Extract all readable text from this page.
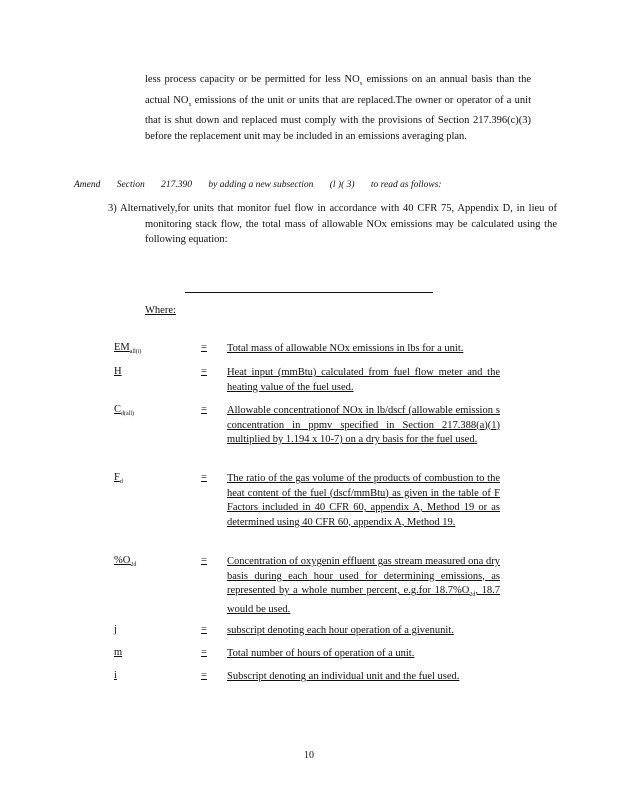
less process capacity or be permitted for less $NO_x$ emissions on an annual basis than the actual $NO_x$ emissions of the unit or units that are replaced.The owner or operator of a unit that is shut down and replaced must comply with the provisions of Section 217.396(c)(3) before the replacement unit may be included in an emissions averaging plan.
Amend Section 217.390 by adding a new subsection (l )( 3) to read as follows:
3) Alternatively,for units that monitor fuel flow in accordance with 40 CFR 75, Appendix D, in lieu of monitoring stack flow, the total mass of allowable NOx emissions may be calculated using the following equation:
Where:
$EM_{all(i)}$	= Total mass of allowable NOx emissions in lbs for a unit.
H	= Heat input (mmBtu) calculated from fuel flow meter and the heating value of the fuel used.
$C_{d(all)}$	= Allowable concentrationof NOx in lb/dscf (allowable emission s concentration in ppmv specified in Section 217.388(a)(1) multiplied by 1.194 x 10-7) on a dry basis for the fuel used.
$F_d$	= The ratio of the gas volume of the products of combustion to the heat content of the fuel (dscf/mmBtu) as given in the table of F Factors included in 40 CFR 60, appendix A, Method 19 or as determined using 40 CFR 60, appendix A, Method 19.
$\%O_{2d}$	= Concentration of oxygenin effluent gas stream measured ona dry basis during each hour used for determining emissions, as represented by a whole number percent, e.g.for $18.7\%O_{2d}$, 18.7 would be used.
j	= subscript denoting each hour operation of a givenunit.
m	= Total number of hours of operation of a unit.
i	= Subscript denoting an individual unit and the fuel used.
10
